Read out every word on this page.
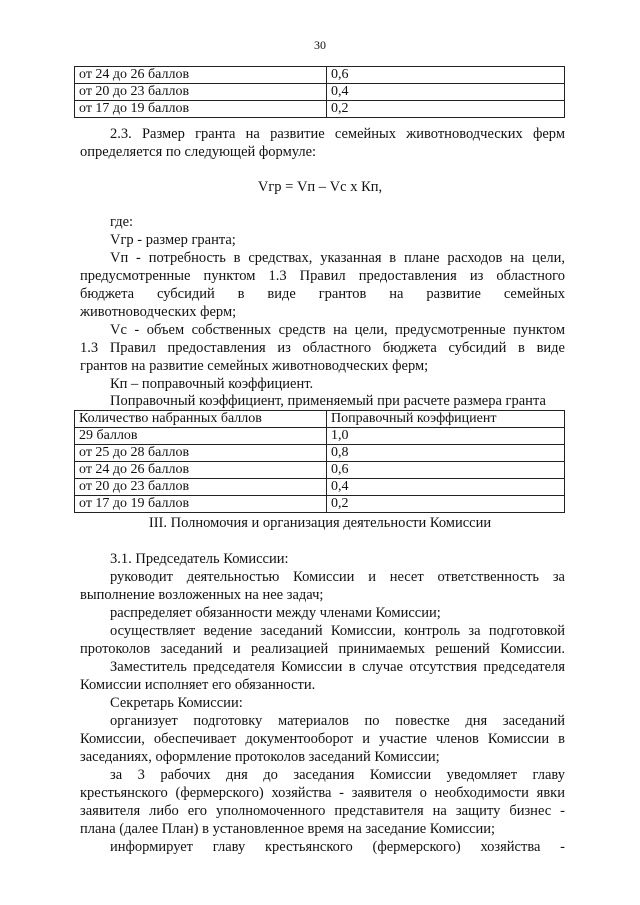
30
от 24 до 26 баллов	0,6
от 20 до 23 баллов	0,4
от 17 до 19 баллов	0,2
2.3. Размер гранта на развитие семейных животноводческих ферм
определяется по следующей формуле:
Vгр = Vп – Vс x Кп,
где:
Vгр - размер гранта;
Vп - потребность в средствах, указанная в плане расходов на цели,
предусмотренные пунктом 1.3 Правил предоставления из областного
бюджета субсидий в виде грантов на развитие семейных
животноводческих ферм;
Vс - объем собственных средств на цели, предусмотренные пунктом
1.3 Правил предоставления из областного бюджета субсидий в виде
грантов на развитие семейных животноводческих ферм;
Кп – поправочный коэффициент.
Поправочный коэффициент, применяемый при расчете размера гранта
Количество набранных баллов	Поправочный коэффициент
29 баллов	1,0
от 25 до 28 баллов	0,8
от 24 до 26 баллов	0,6
от 20 до 23 баллов	0,4
от 17 до 19 баллов	0,2
III. Полномочия и организация деятельности Комиссии
3.1. Председатель Комиссии:
руководит деятельностью Комиссии и несет ответственность за
выполнение возложенных на нее задач;
распределяет обязанности между членами Комиссии;
осуществляет ведение заседаний Комиссии, контроль за подготовкой
протоколов заседаний и реализацией принимаемых решений Комиссии.
Заместитель председателя Комиссии в случае отсутствия председателя
Комиссии исполняет его обязанности.
Секретарь Комиссии:
организует подготовку материалов по повестке дня заседаний
Комиссии, обеспечивает документооборот и участие членов Комиссии в
заседаниях, оформление протоколов заседаний Комиссии;
за 3 рабочих дня до заседания Комиссии уведомляет главу
крестьянского (фермерского) хозяйства - заявителя о необходимости явки
заявителя либо его уполномоченного представителя на защиту бизнес -
плана (далее План) в установленное время на заседание Комиссии;
информирует главу крестьянского (фермерского) хозяйства -
